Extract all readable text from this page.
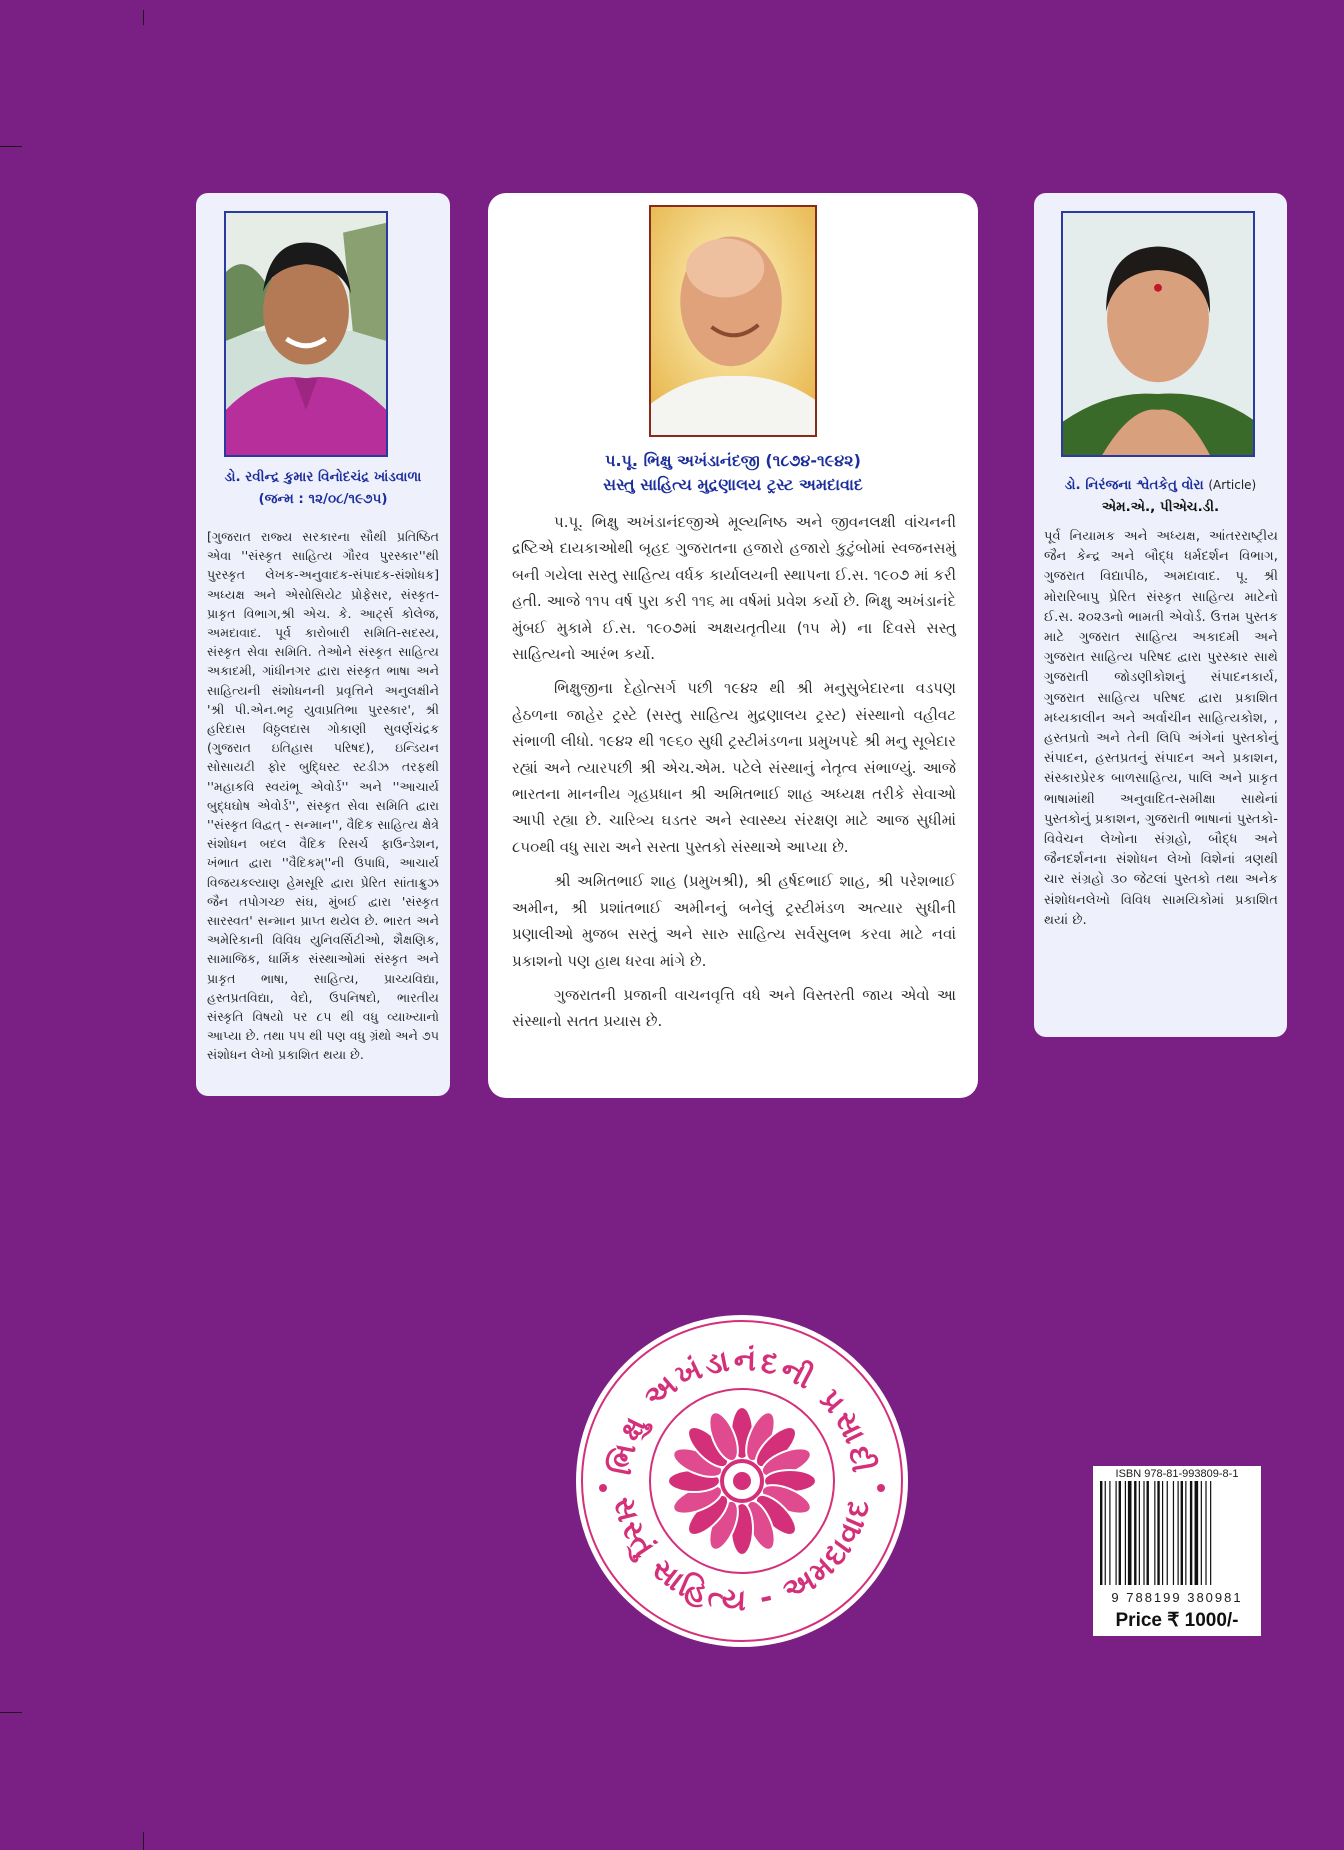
ડો. રવીન્દ્ર કુમાર વિનોદચંદ્ર ખાંડવાળા
(જન્મ : ૧૨/૦૮/૧૯૭૫)
[ગુજરાત રાજ્ય સરકારના સૌથી પ્રતિષ્ઠિત એવા ''સંસ્કૃત સાહિત્ય ગૌરવ પુરસ્કાર''થી પુરસ્કૃત લેખક-અનુવાદક-સંપાદક-સંશોધક] અધ્યક્ષ અને એસોસિયેટ પ્રોફેસર, સંસ્કૃત-પ્રાકૃત વિભાગ,શ્રી એચ. કે. આર્ટ્સ કોલેજ, અમદાવાદ. પૂર્વ કારોબારી સમિતિ-સદસ્ય, સંસ્કૃત સેવા સમિતિ. તેઓને સંસ્કૃત સાહિત્ય અકાદમી, ગાંધીનગર દ્વારા સંસ્કૃત ભાષા અને સાહિત્યની સંશોધનની પ્રવૃત્તિને અનુલક્ષીને 'શ્રી પી.એન.ભટ્ટ યુવાપ્રતિભા પુરસ્કાર', શ્રી હરિદાસ વિઠ્ઠલદાસ ગોકાણી સુવર્ણચંદ્રક (ગુજરાત ઇતિહાસ પરિષદ), ઇન્ડિયન સોસાયટી ફોર બુદ્ધિસ્ટ સ્ટડીઝ તરફથી ''મહાકવિ સ્વયંભૂ એવોર્ડ'' અને ''આચાર્ય બુદ્ધઘોષ એવોર્ડ'', સંસ્કૃત સેવા સમિતિ દ્વારા ''સંસ્કૃત વિદ્વત્ - સન્માન'', વૈદિક સાહિત્ય ક્ષેત્રે સંશોધન બદલ વૈદિક રિસર્ચ ફાઉન્ડેશન, ખંભાત દ્વારા ''વૈદિકમ્''ની ઉપાધિ, આચાર્ય વિજયકલ્યાણ હેમસૂરિ દ્વારા પ્રેરિત સાંતાક્રુઝ જૈન તપોગચ્છ સંઘ, મુંબઈ દ્વારા 'સંસ્કૃત સારસ્વત' સન્માન પ્રાપ્ત થયેલ છે. ભારત અને અમેરિકાની વિવિધ યુનિવર્સિટીઓ, શૈક્ષણિક, સામાજિક, ધાર્મિક સંસ્થાઓમાં સંસ્કૃત અને પ્રાકૃત ભાષા, સાહિત્ય, પ્રાચ્યવિદ્યા, હસ્તપ્રતવિદ્યા, વેદો, ઉપનિષદો, ભારતીય સંસ્કૃતિ વિષયો પર ૮૫ થી વધુ વ્યાખ્યાનો આપ્યા છે. તથા ૫૫ થી પણ વધુ ગ્રંથો અને ૭૫ સંશોધન લેખો પ્રકાશિત થયા છે.
પ.પૂ. ભિક્ષુ અખંડાનંદજી (૧૮૭૪-૧૯૪૨)
સસ્તુ સાહિત્ય મુદ્રણાલય ટ્રસ્ટ અમદાવાદ

પ.પૂ. ભિક્ષુ અખંડાનંદજીએ મૂલ્યનિષ્ઠ અને જીવનલક્ષી વાંચનની દ્રષ્ટિએ દાયકાઓથી બૃહદ ગુજરાતના હજારો હજારો કુટુંબોમાં સ્વજનસમું બની ગયેલા સસ્તુ સાહિત્ય વર્ધક કાર્યાલયની સ્થાપના ઈ.સ. ૧૯૦૭ માં કરી હતી. આજે ૧૧૫ વર્ષ પુરા કરી ૧૧૬ મા વર્ષમાં પ્રવેશ કર્યો છે. ભિક્ષુ અખંડાનંદે મુંબઈ મુકામે ઈ.સ. ૧૯૦૭માં અક્ષયતૃતીયા (૧૫ મે) ના દિવસે સસ્તુ સાહિત્યનો આરંભ કર્યો.

ભિક્ષુજીના દેહોત્સર્ગ પછી ૧૯૪૨ થી શ્રી મનુસુબેદારના વડપણ હેઠળના જાહેર ટ્રસ્ટે (સસ્તુ સાહિત્ય મુદ્રણાલય ટ્રસ્ટ) સંસ્થાનો વહીવટ સંભાળી લીધો. ૧૯૪૨ થી ૧૯૬૦ સુધી ટ્રસ્ટીમંડળના પ્રમુખપદે શ્રી મનુ સૂબેદાર રહ્યાં અને ત્યારપછી શ્રી એચ.એમ. પટેલે સંસ્થાનું નેતૃત્વ સંભાળ્યું. આજે ભારતના માનનીય ગૃહપ્રધાન શ્રી અમિતભાઈ શાહ અધ્યક્ષ તરીકે સેવાઓ આપી રહ્યા છે. ચારિત્ર્ય ઘડતર અને સ્વાસ્થ્ય સંરક્ષણ માટે આજ સુધીમાં ૮૫૦થી વધુ સારા અને સસ્તા પુસ્તકો સંસ્થાએ આપ્યા છે.

શ્રી અમિતભાઈ શાહ (પ્રમુખશ્રી), શ્રી હર્ષદભાઈ શાહ, શ્રી પરેશભાઈ અમીન, શ્રી પ્રશાંતભાઈ અમીનનું બનેલું ટ્રસ્ટીમંડળ અત્યાર સુધીની પ્રણાલીઓ મુજબ સસ્તું અને સારુ સાહિત્ય સર્વસુલભ કરવા માટે નવાં પ્રકાશનો પણ હાથ ધરવા માંગે છે.

ગુજરાતની પ્રજાની વાચનવૃત્તિ વધે અને વિસ્તરતી જાય એવો આ સંસ્થાનો સતત પ્રયાસ છે.

ડો. નિરંજના શ્વેતકેતુ વોરા (Article)
એમ.એ., પીએચ.ડી.
પૂર્વ નિયામક અને અધ્યક્ષ, આંતરરાષ્ટ્રીય જૈન કેન્દ્ર અને બૌદ્ધ ધર્મદર્શન વિભાગ, ગુજરાત વિદ્યાપીઠ, અમદાવાદ. પૂ. શ્રી મોરારિબાપુ પ્રેરિત સંસ્કૃત સાહિત્ય માટેનો ઈ.સ. ૨૦૨૩નો ભામતી એવોર્ડ. ઉત્તમ પુસ્તક માટે ગુજરાત સાહિત્ય અકાદમી અને ગુજરાત સાહિત્ય પરિષદ દ્વારા પુરસ્કાર સાથે ગુજરાતી જોડણીકોશનું સંપાદનકાર્ય, ગુજરાત સાહિત્ય પરિષદ દ્વારા પ્રકાશિત મધ્યકાલીન અને અર્વાચીન સાહિત્યકોશ, , હસ્તપ્રતો અને તેની લિપિ અંગેનાં પુસ્તકોનું સંપાદન, હસ્તપ્રતનું સંપાદન અને પ્રકાશન, સંસ્કારપ્રેરક બાળસાહિત્ય, પાલિ અને પ્રાકૃત ભાષામાંથી અનુવાદિત-સમીક્ષા સાથેનાં પુસ્તકોનું પ્રકાશન, ગુજરાતી ભાષાનાં પુસ્તકો-વિવેચન લેખોના સંગ્રહો, બૌદ્ધ અને જૈનદર્શનના સંશોધન લેખો વિશેનાં ત્રણથી ચાર સંગ્રહો ૩૦ જેટલાં પુસ્તકો તથા અનેક સંશોધનલેખો વિવિધ સામયિકોમાં પ્રકાશિત થયાં છે.
ભિક્ષુ અખંડાનંદની પ્રસાદી
સસ્તું સાહિત્ય - અમદાવાદ
ISBN 978-81-993809-8-1
9 788199 380981
Price ₹ 1000/-
